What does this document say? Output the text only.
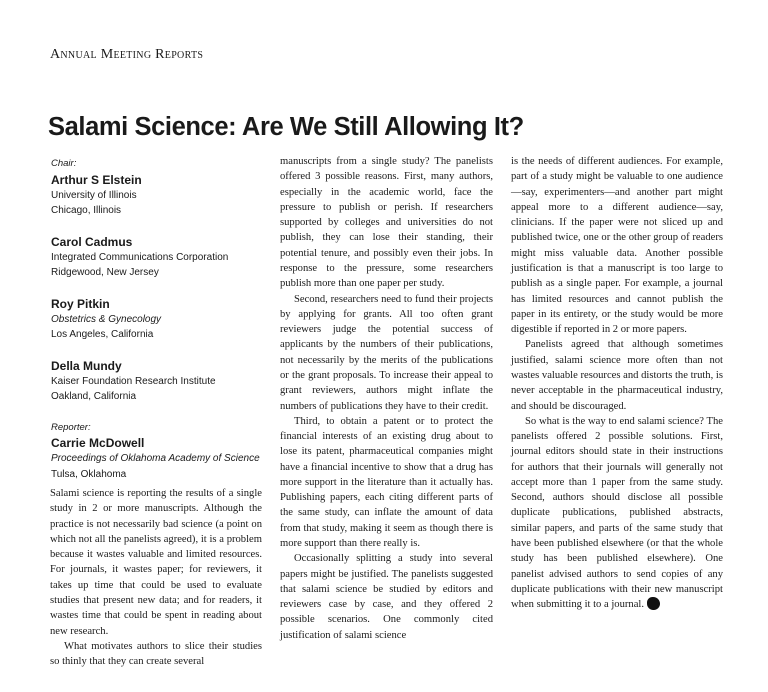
Annual Meeting Reports
Salami Science: Are We Still Allowing It?
Chair:
Arthur S Elstein
University of Illinois
Chicago, Illinois
Carol Cadmus
Integrated Communications Corporation
Ridgewood, New Jersey
Roy Pitkin
Obstetrics & Gynecology
Los Angeles, California
Della Mundy
Kaiser Foundation Research Institute
Oakland, California
Reporter:
Carrie McDowell
Proceedings of Oklahoma Academy of Science
Tulsa, Oklahoma

Salami science is reporting the results of a single study in 2 or more manuscripts. Although the practice is not necessarily bad science (a point on which not all the panelists agreed), it is a problem because it wastes valuable and limited resources. For journals, it wastes paper; for reviewers, it takes up time that could be used to evaluate studies that present new data; and for readers, it wastes time that could be spent in reading about new research.

What motivates authors to slice their studies so thinly that they can create several

manuscripts from a single study? The panelists offered 3 possible reasons. First, many authors, especially in the academic world, face the pressure to publish or perish. If researchers supported by colleges and universities do not publish, they can lose their standing, their potential tenure, and possibly even their jobs. In response to the pressure, some researchers publish more than one paper per study.

Second, researchers need to fund their projects by applying for grants. All too often grant reviewers judge the potential success of applicants by the numbers of their publications, not necessarily by the merits of the publications or the grant proposals. To increase their appeal to grant reviewers, authors might inflate the numbers of publications they have to their credit.

Third, to obtain a patent or to protect the financial interests of an existing drug about to lose its patent, pharmaceutical companies might have a financial incentive to show that a drug has more support in the literature than it actually has. Publishing papers, each citing different parts of the same study, can inflate the amount of data from that study, making it seem as though there is more support than there really is.

Occasionally splitting a study into several papers might be justified. The panelists suggested that salami science be studied by editors and reviewers case by case, and they offered 2 possible scenarios. One commonly cited justification of salami science

is the needs of different audiences. For example, part of a study might be valuable to one audience—say, experimenters—and another part might appeal more to a different audience—say, clinicians. If the paper were not sliced up and published twice, one or the other group of readers might miss valuable data. Another possible justification is that a manuscript is too large to publish as a single paper. For example, a journal has limited resources and cannot publish the paper in its entirety, or the study would be more digestible if reported in 2 or more papers.

Panelists agreed that although sometimes justified, salami science more often than not wastes valuable resources and distorts the truth, is never acceptable in the pharmaceutical industry, and should be discouraged.

So what is the way to end salami science? The panelists offered 2 possible solutions. First, journal editors should state in their instructions for authors that their journals will generally not accept more than 1 paper from the same study. Second, authors should disclose all possible duplicate publications, published abstracts, similar papers, and parts of the same study that have been published elsewhere (or that the whole study has been published elsewhere). One panelist advised authors to send copies of any duplicate publications with their new manuscript when submitting it to a journal.
